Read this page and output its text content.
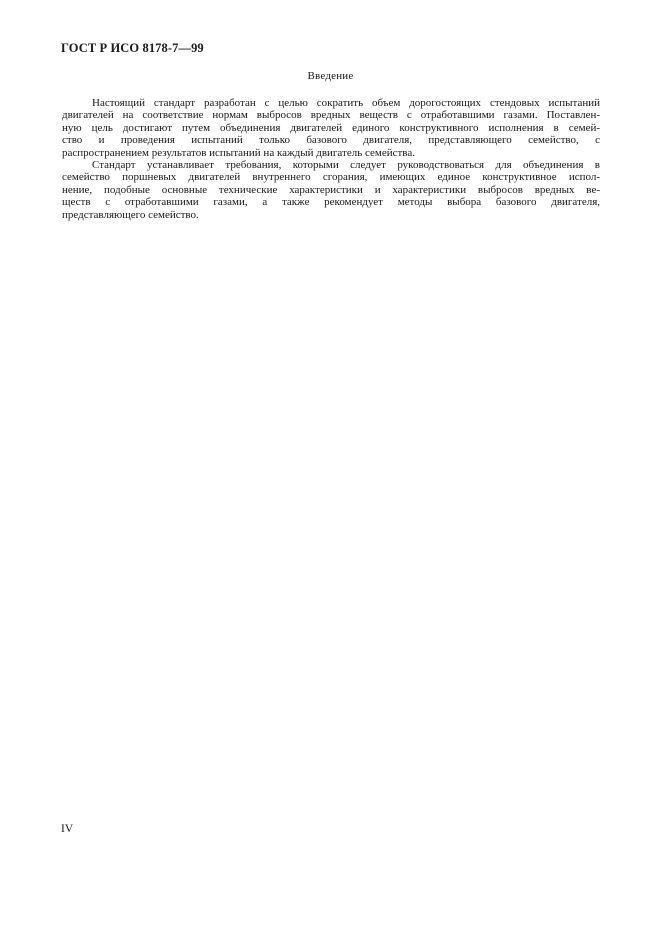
ГОСТ Р ИСО 8178-7—99
Введение
Настоящий стандарт разработан с целью сократить объем дорогостоящих стендовых испытаний
двигателей на соответствие нормам выбросов вредных веществ с отработавшими газами. Поставлен-
ную цель достигают путем объединения двигателей единого конструктивного исполнения в семей-
ство и проведения испытаний только базового двигателя, представляющего семейство, с
распространением результатов испытаний на каждый двигатель семейства.
Стандарт устанавливает требования, которыми следует руководствоваться для объединения в
семейство поршневых двигателей внутреннего сгорания, имеющих единое конструктивное испол-
нение, подобные основные технические характеристики и характеристики выбросов вредных ве-
ществ с отработавшими газами, а также рекомендует методы выбора базового двигателя,
представляющего семейство.
IV
